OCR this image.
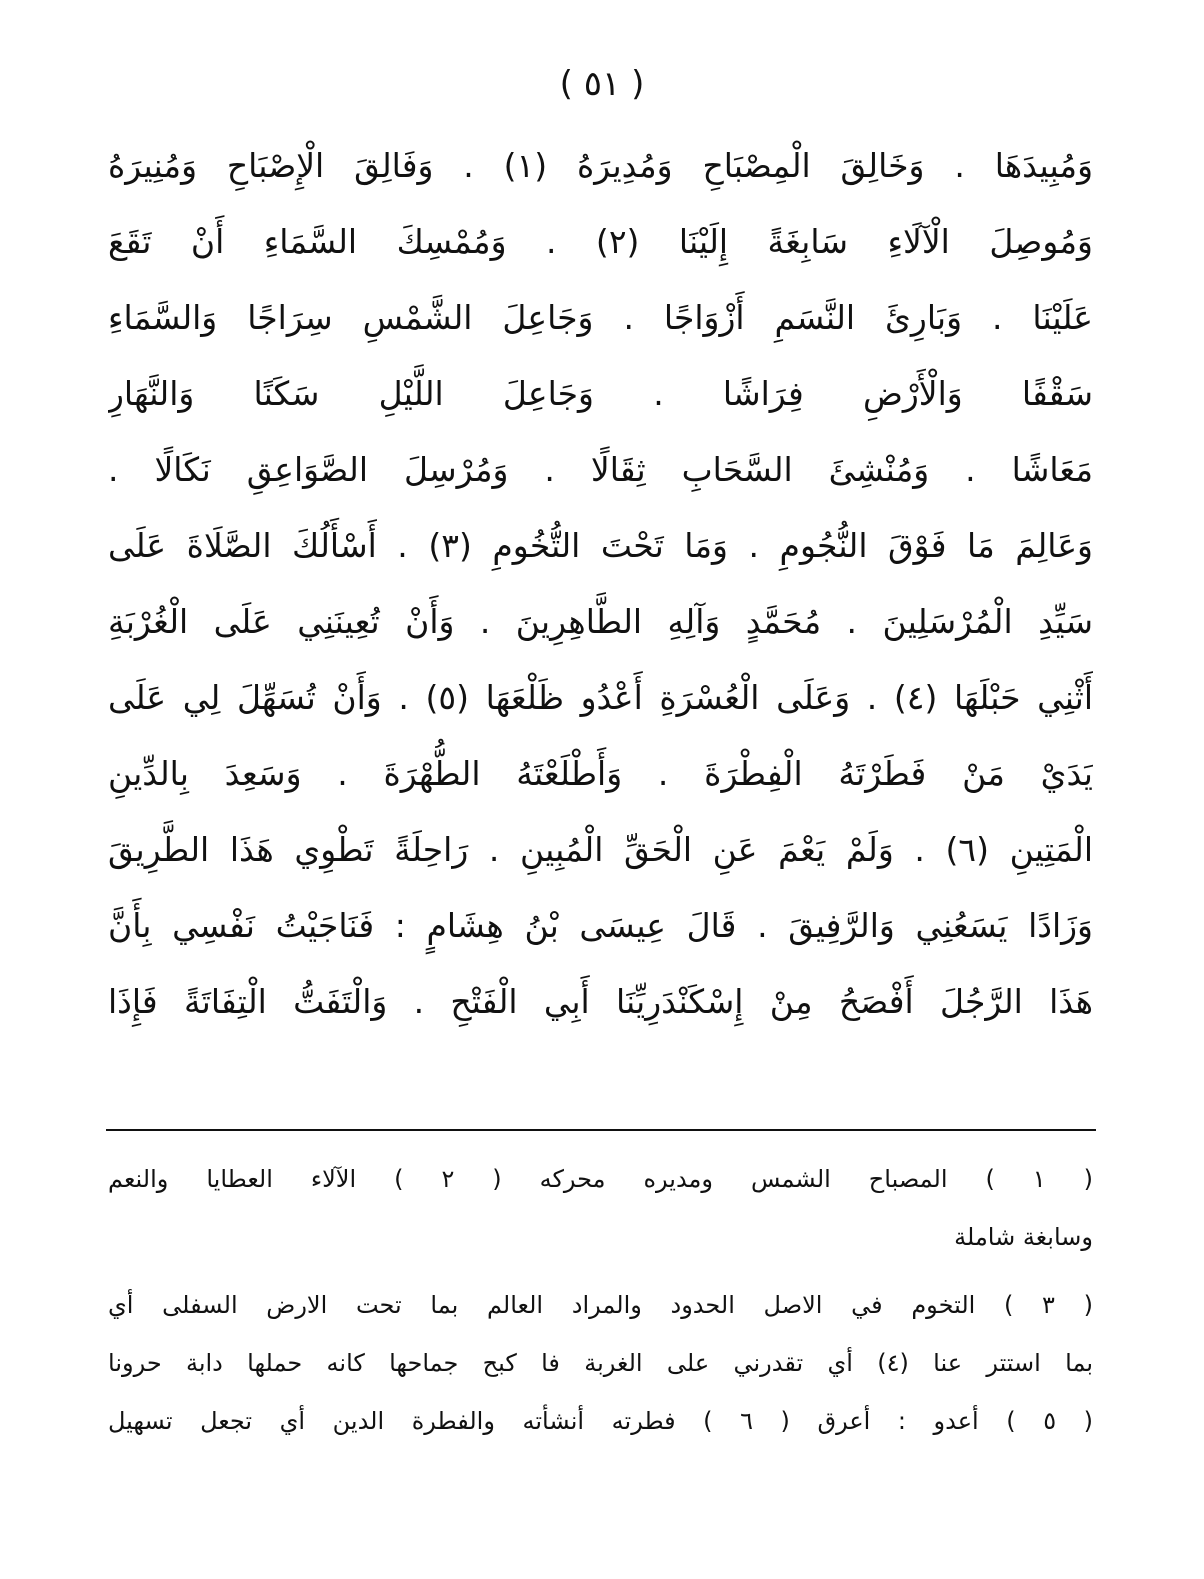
( ٥١ )
وَمُبِيدَهَا . وَخَالِقَ الْمِصْبَاحِ وَمُدِيرَهُ (١) . وَفَالِقَ الْإِصْبَاحِ وَمُنِيرَهُ
وَمُوصِلَ الْآلَاءِ سَابِغَةً إِلَيْنَا (٢) . وَمُمْسِكَ السَّمَاءِ أَنْ تَقَعَ
عَلَيْنَا . وَبَارِئَ النَّسَمِ أَزْوَاجًا . وَجَاعِلَ الشَّمْسِ سِرَاجًا وَالسَّمَاءِ
سَقْفًا وَالْأَرْضِ فِرَاشًا . وَجَاعِلَ اللَّيْلِ سَكَنًا وَالنَّهَارِ
مَعَاشًا . وَمُنْشِئَ السَّحَابِ ثِقَالًا . وَمُرْسِلَ الصَّوَاعِقِ نَكَالًا .
وَعَالِمَ مَا فَوْقَ النُّجُومِ . وَمَا تَحْتَ التُّخُومِ (٣) . أَسْأَلُكَ الصَّلَاةَ عَلَى
سَيِّدِ الْمُرْسَلِينَ . مُحَمَّدٍ وَآلِهِ الطَّاهِرِينَ . وَأَنْ تُعِينَنِي عَلَى الْغُرْبَةِ
أَثْنِي حَبْلَهَا (٤) . وَعَلَى الْعُسْرَةِ أَعْدُو ظَلْعَهَا (٥) . وَأَنْ تُسَهِّلَ لِي عَلَى
يَدَيْ مَنْ فَطَرْتَهُ الْفِطْرَةَ . وَأَطْلَعْتَهُ الطُّهْرَةَ . وَسَعِدَ بِالدِّينِ
الْمَتِينِ (٦) . وَلَمْ يَعْمَ عَنِ الْحَقِّ الْمُبِينِ . رَاحِلَةً تَطْوِي هَذَا الطَّرِيقَ
وَزَادًا يَسَعُنِي وَالرَّفِيقَ . قَالَ عِيسَى بْنُ هِشَامٍ : فَنَاجَيْتُ نَفْسِي بِأَنَّ
هَذَا الرَّجُلَ أَفْصَحُ مِنْ إِسْكَنْدَرِيِّنَا أَبِي الْفَتْحِ . وَالْتَفَتُّ الْتِفَاتَةً فَإِذَا
( ١ ) المصباح الشمس ومديره محركه ( ٢ ) الآلاء العطايا والنعم
وسابغة شاملة
( ٣ ) التخوم في الاصل الحدود والمراد العالم بما تحت الارض السفلى أي
بما استتر عنا (٤) أي تقدرني على الغربة فا كبح جماحها كانه حملها دابة حرونا
( ٥ ) أعدو : أعرق ( ٦ ) فطرته أنشأته والفطرة الدين أي تجعل تسهيل
